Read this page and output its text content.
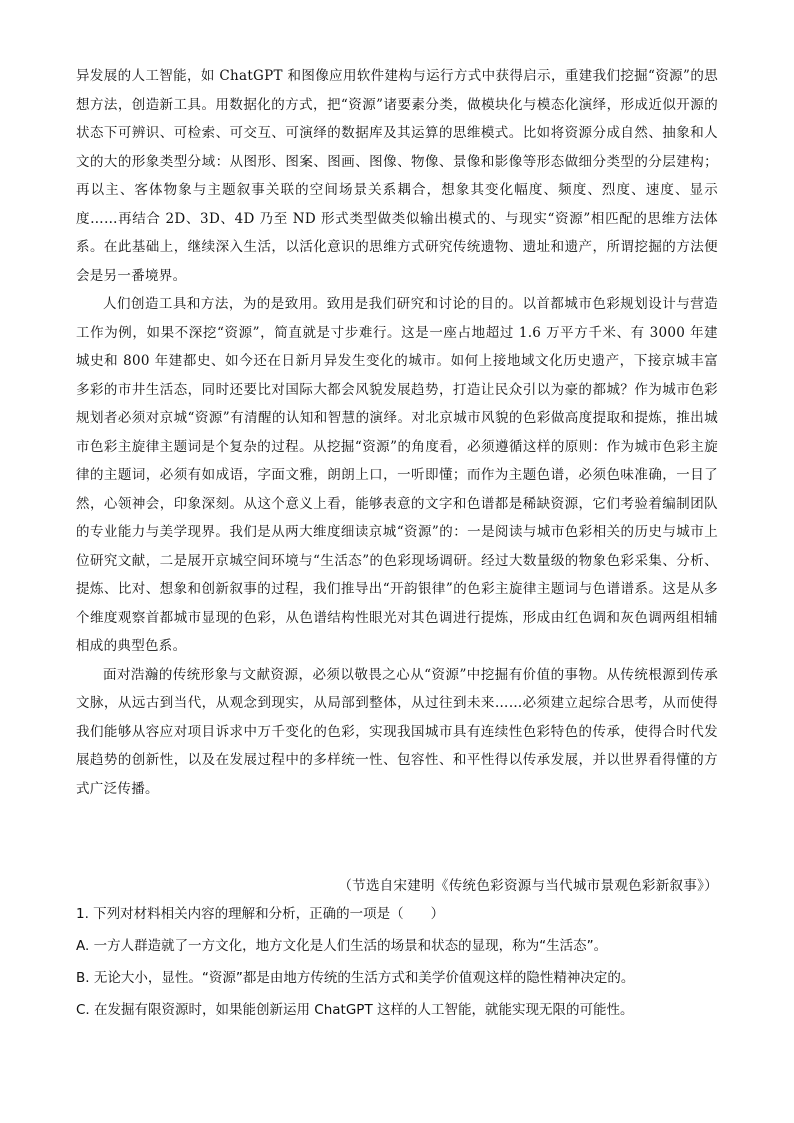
异发展的人工智能，如 ChatGPT 和图像应用软件建构与运行方式中获得启示，重建我们挖掘“资源”的思想方法，创造新工具。用数据化的方式，把“资源”诸要素分类，做模块化与模态化演绎，形成近似开源的状态下可辨识、可检索、可交互、可演绎的数据库及其运算的思维模式。比如将资源分成自然、抽象和人文的大的形象类型分域：从图形、图案、图画、图像、物像、景像和影像等形态做细分类型的分层建构；再以主、客体物象与主题叙事关联的空间场景关系耦合，想象其变化幅度、频度、烈度、速度、显示度……再结合 2D、3D、4D 乃至 ND 形式类型做类似输出模式的、与现实“资源”相匹配的思维方法体系。在此基础上，继续深入生活，以活化意识的思维方式研究传统遗物、遗址和遗产，所谓挖掘的方法便会是另一番境界。

人们创造工具和方法，为的是致用。致用是我们研究和讨论的目的。以首都城市色彩规划设计与营造工作为例，如果不深挖“资源”，简直就是寸步难行。这是一座占地超过 1.6 万平方千米、有 3000 年建城史和 800 年建都史、如今还在日新月异发生变化的城市。如何上接地域文化历史遗产，下接京城丰富多彩的市井生活态，同时还要比对国际大都会风貌发展趋势，打造让民众引以为豪的都城？作为城市色彩规划者必须对京城“资源”有清醒的认知和智慧的演绎。对北京城市风貌的色彩做高度提取和提炼，推出城市色彩主旋律主题词是个复杂的过程。从挖掘“资源”的角度看，必须遵循这样的原则：作为城市色彩主旋律的主题词，必须有如成语，字面文雅，朗朗上口，一听即懂；而作为主题色谱，必须色味准确，一目了然，心领神会，印象深刻。从这个意义上看，能够表意的文字和色谱都是稀缺资源，它们考验着编制团队的专业能力与美学现界。我们是从两大维度细读京城“资源”的：一是阅读与城市色彩相关的历史与城市上位研究文献，二是展开京城空间环境与“生活态”的色彩现场调研。经过大数量级的物象色彩采集、分析、提炼、比对、想象和创新叙事的过程，我们推导出“开韵银律”的色彩主旋律主题词与色谱谱系。这是从多个维度观察首都城市显现的色彩，从色谱结构性眼光对其色调进行提炼，形成由红色调和灰色调两组相辅相成的典型色系。

面对浩瀚的传统形象与文献资源，必须以敬畏之心从“资源”中挖掘有价值的事物。从传统根源到传承文脉，从远古到当代，从观念到现实，从局部到整体，从过往到未来……必须建立起综合思考，从而使得我们能够从容应对项目诉求中万千变化的色彩，实现我国城市具有连续性色彩特色的传承，使得合时代发展趋势的创新性，以及在发展过程中的多样统一性、包容性、和平性得以传承发展，并以世界看得懂的方式广泛传播。

（节选自宋建明《传统色彩资源与当代城市景观色彩新叙事》）

1. 下列对材料相关内容的理解和分析，正确的一项是（　　）

A. 一方人群造就了一方文化，地方文化是人们生活的场景和状态的显现，称为“生活态”。

B. 无论大小，显性。“资源”都是由地方传统的生活方式和美学价值观这样的隐性精神决定的。

C. 在发掘有限资源时，如果能创新运用 ChatGPT 这样的人工智能，就能实现无限的可能性。
